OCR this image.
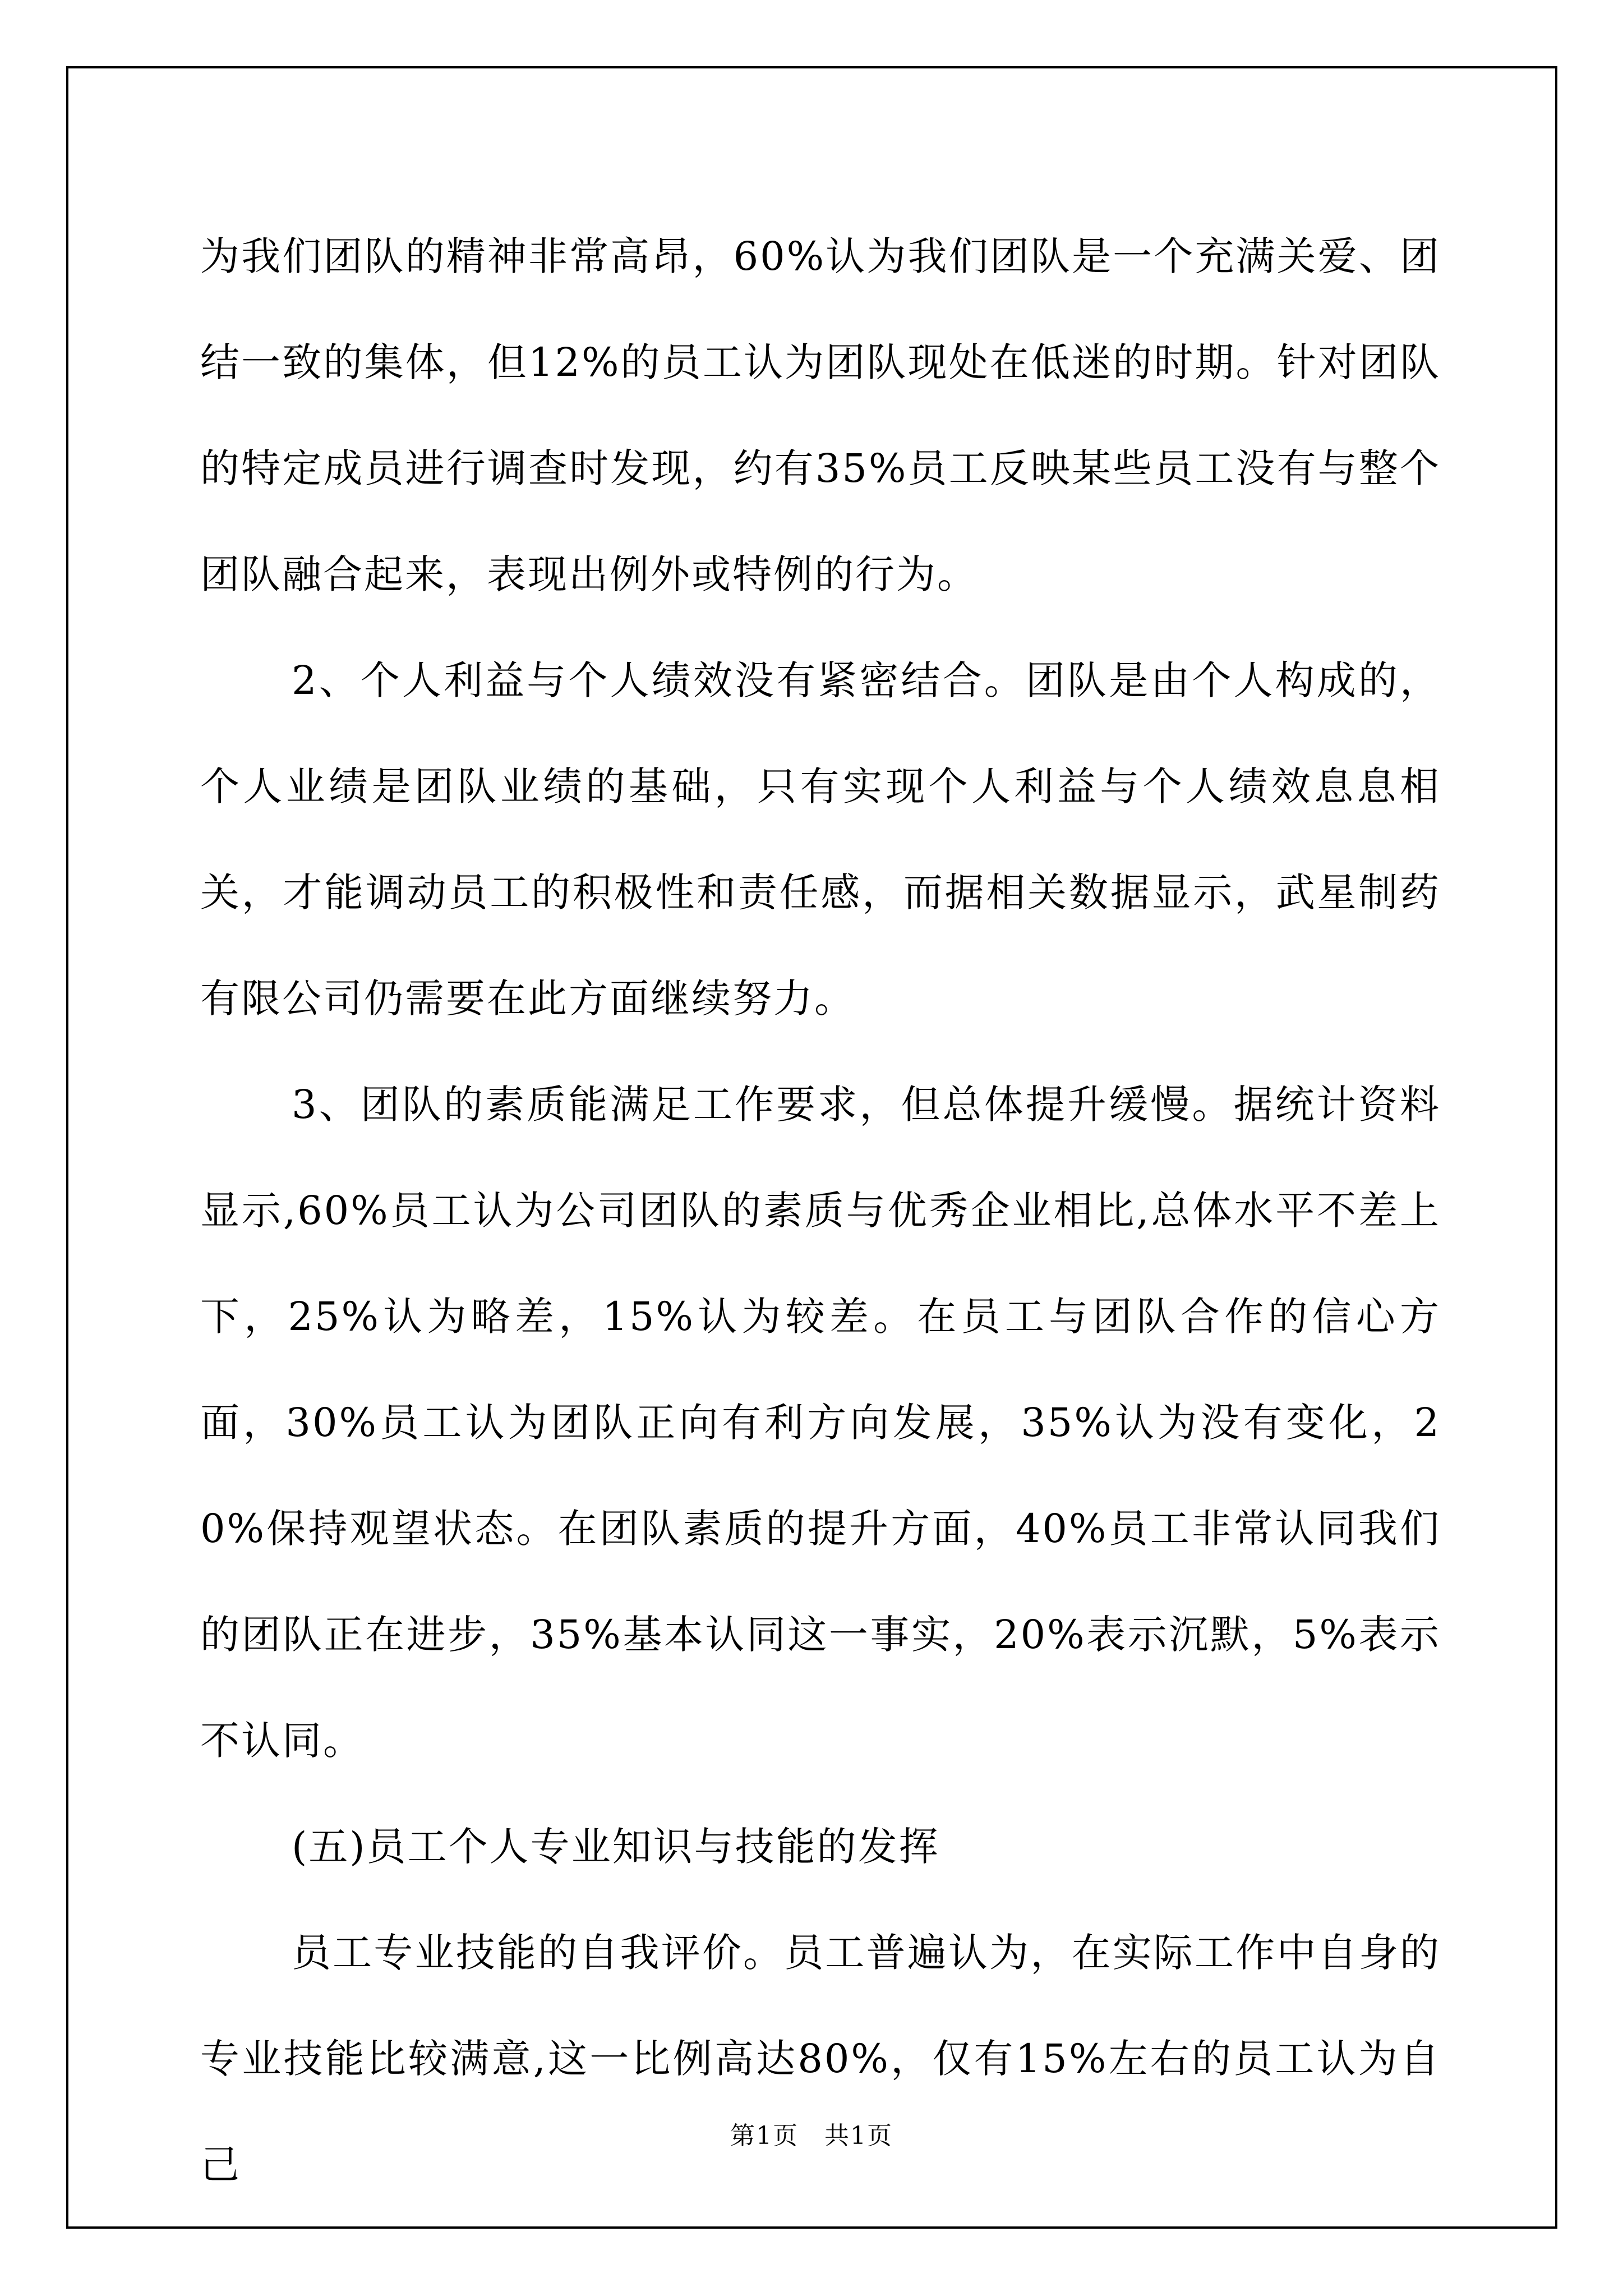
为我们团队的精神非常高昂，60%认为我们团队是一个充满关爱、团结一致的集体，但12%的员工认为团队现处在低迷的时期。针对团队的特定成员进行调查时发现，约有35%员工反映某些员工没有与整个团队融合起来，表现出例外或特例的行为。

2、个人利益与个人绩效没有紧密结合。团队是由个人构成的，个人业绩是团队业绩的基础，只有实现个人利益与个人绩效息息相关，才能调动员工的积极性和责任感，而据相关数据显示，武星制药有限公司仍需要在此方面继续努力。

3、团队的素质能满足工作要求，但总体提升缓慢。据统计资料显示,60%员工认为公司团队的素质与优秀企业相比,总体水平不差上下，25%认为略差，15%认为较差。在员工与团队合作的信心方面，30%员工认为团队正向有利方向发展，35%认为没有变化，20%保持观望状态。在团队素质的提升方面，40%员工非常认同我们的团队正在进步，35%基本认同这一事实，20%表示沉默，5%表示不认同。

(五)员工个人专业知识与技能的发挥

员工专业技能的自我评价。员工普遍认为，在实际工作中自身的专业技能比较满意,这一比例高达80%，仅有15%左右的员工认为自己

第1页　共1页
